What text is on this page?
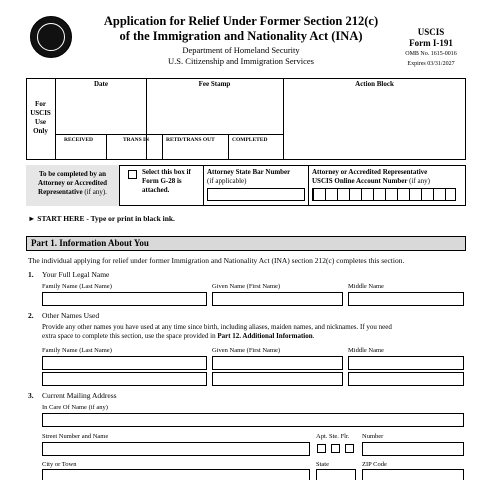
Application for Relief Under Former Section 212(c)
of the Immigration and Nationality Act (INA)
Department of Homeland Security
U.S. Citizenship and Immigration Services
USCIS
Form I-191
OMB No. 1615-0016
Expires 03/31/2027
For
USCIS
Use
Only
Date	Fee Stamp	Action Block
RECEIVED	TRANS IN	RETD/TRANS OUT	COMPLETED
To be completed by an
Attorney or Accredited
Representative (if any).
Select this box if
Form G-28 is
attached.
Attorney State Bar Number
(if applicable)
Attorney or Accredited Representative
USCIS Online Account Number (if any)
► START HERE - Type or print in black ink.
Part 1. Information About You
The individual applying for relief under former Immigration and Nationality Act (INA) section 212(c) completes this section.
1. Your Full Legal Name
Family Name (Last Name)	Given Name (First Name)	Middle Name
2. Other Names Used
Provide any other names you have used at any time since birth, including aliases, maiden names, and nicknames. If you need
extra space to complete this section, use the space provided in Part 12. Additional Information.
Family Name (Last Name)	Given Name (First Name)	Middle Name
3. Current Mailing Address
In Care Of Name (if any)
Street Number and Name	Apt. Ste. Flr. Number
City or Town	State	ZIP Code
